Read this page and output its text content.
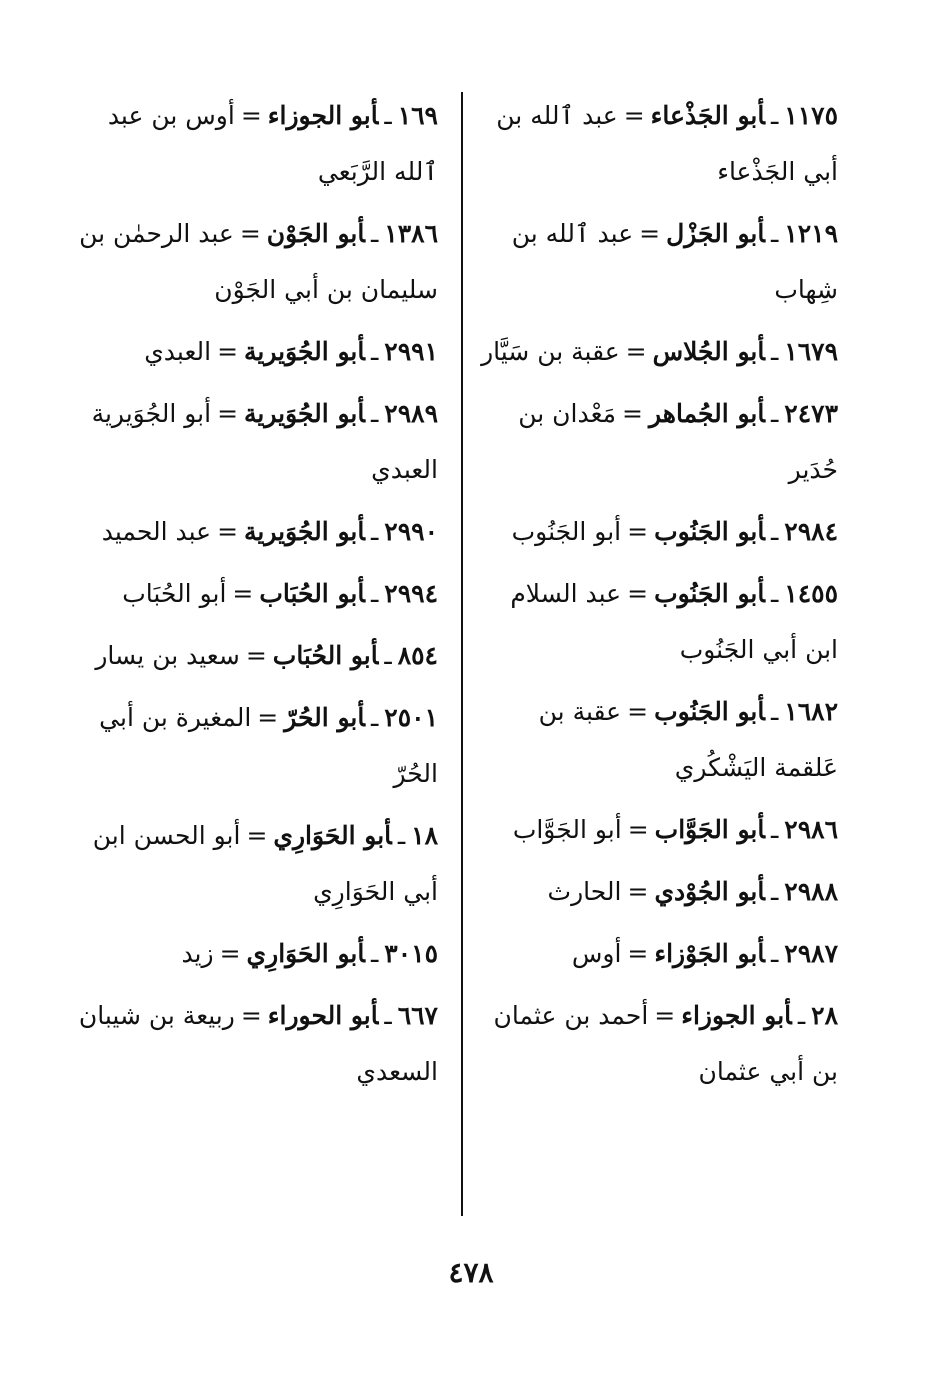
١١٧٥ـأبو الجَذْعاء=عبد ٱلله بن أبي الجَذْعاء
١٢١٩ـأبو الجَزْل=عبد ٱلله بن شِهاب
١٦٧٩ـأبو الجُلاس=عقبة بن سَيَّار
٢٤٧٣ـأبو الجُماهر=مَعْدان بن حُدَير
٢٩٨٤ـأبو الجَنُوب=أبو الجَنُوب
١٤٥٥ـأبو الجَنُوب=عبد السلام ابن أبي الجَنُوب
١٦٨٢ـأبو الجَنُوب=عقبة بن عَلقمة اليَشْكُري
٢٩٨٦ـأبو الجَوَّاب=أبو الجَوَّاب
٢٩٨٨ـأبو الجُوْدي=الحارث
٢٩٨٧ـأبو الجَوْزاء=أوس
٢٨ـأبو الجوزاء=أحمد بن عثمان بن أبي عثمان
١٦٩ـأبو الجوزاء=أوس بن عبد ٱلله الرَّبَعي
١٣٨٦ـأبو الجَوْن=عبد الرحمٰن بن سليمان بن أبي الجَوْن
٢٩٩١ـأبو الجُوَيرية=العبدي
٢٩٨٩ـأبو الجُوَيرية=أبو الجُوَيرية العبدي
٢٩٩٠ـأبو الجُوَيرية=عبد الحميد
٢٩٩٤ـأبو الحُبَاب=أبو الحُبَاب
٨٥٤ـأبو الحُبَاب=سعيد بن يسار
٢٥٠١ـأبو الحُرّ=المغيرة بن أبي الحُرّ
١٨ـأبو الحَوَارِي=أبو الحسن ابن أبي الحَوَارِي
٣٠١٥ـأبو الحَوَارِي=زيد
٦٦٧ـأبو الحوراء=ربيعة بن شيبان السعدي
٤٧٨
